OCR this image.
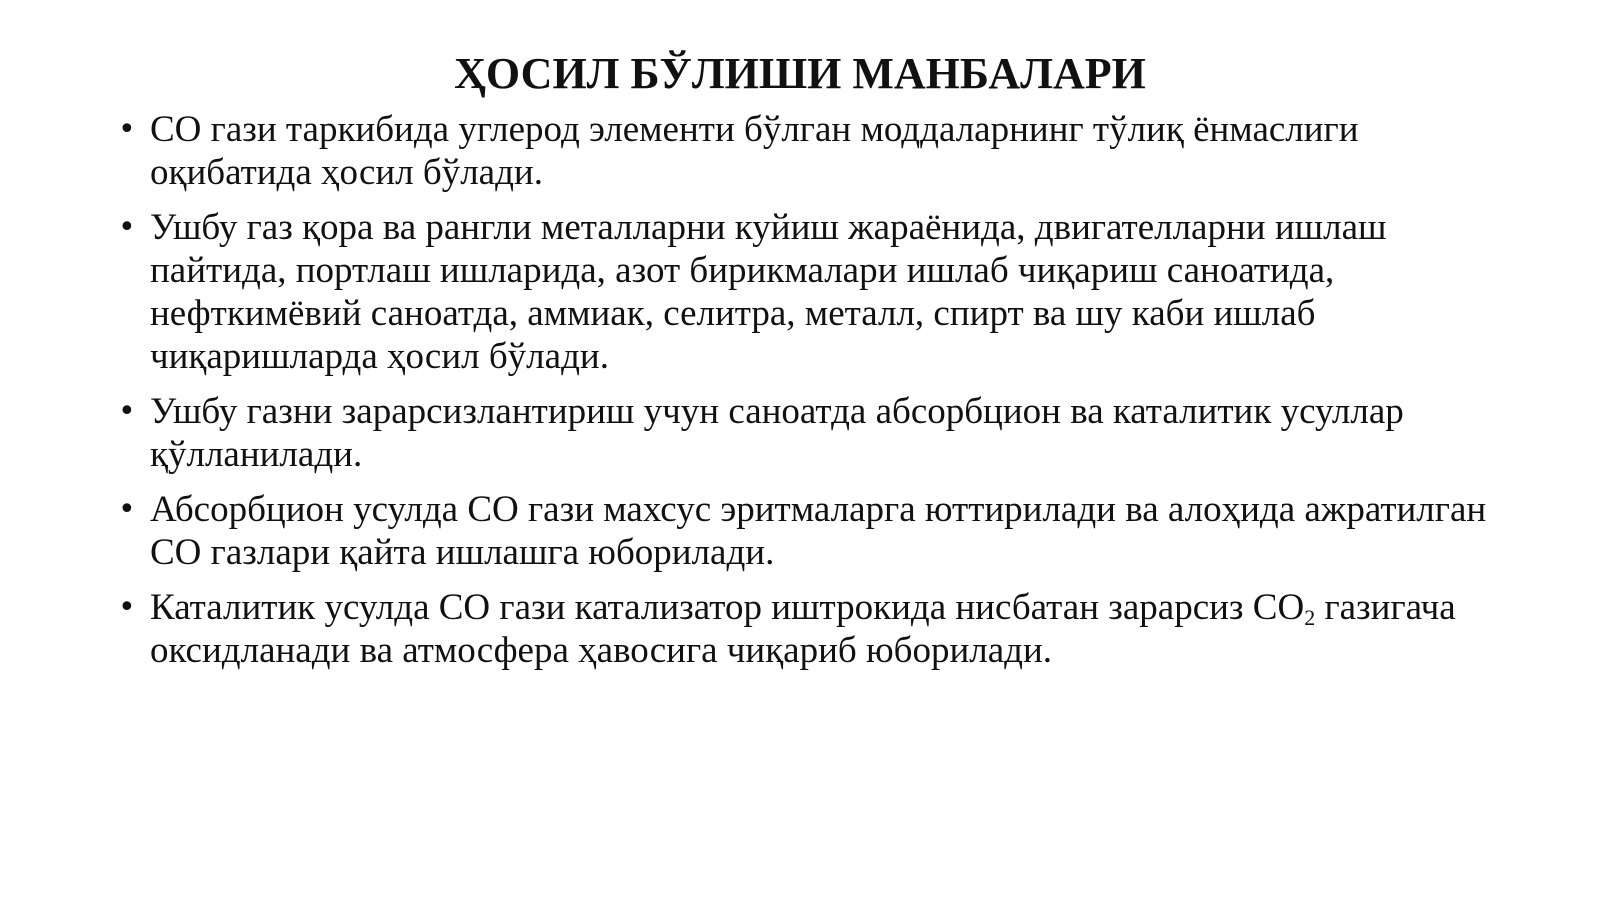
ҲОСИЛ БЎЛИШИ МАНБАЛАРИ
• CO гази таркибида углерод элементи бўлган моддаларнинг тўлиқ ёнмаслиги оқибатида ҳосил бўлади.
• Ушбу газ қора ва рангли металларни куйиш жараёнида, двигателларни ишлаш пайтида, портлаш ишларида, азот бирикмалари ишлаб чиқариш саноатида, нефткимёвий саноатда, аммиак, селитра, металл, спирт ва шу каби ишлаб чиқаришларда ҳосил бўлади.
• Ушбу газни зарарсизлантириш учун саноатда абсорбцион ва каталитик усуллар қўлланилади.
• Абсорбцион усулда CO гази махсус эритмаларга юттирилади ва алоҳида ажратилган CO газлари қайта ишлашга юборилади.
• Каталитик усулда CO гази катализатор иштрокида нисбатан зарарсиз $CO_2$ газигача оксидланади ва атмосфера ҳавосига чиқариб юборилади.
